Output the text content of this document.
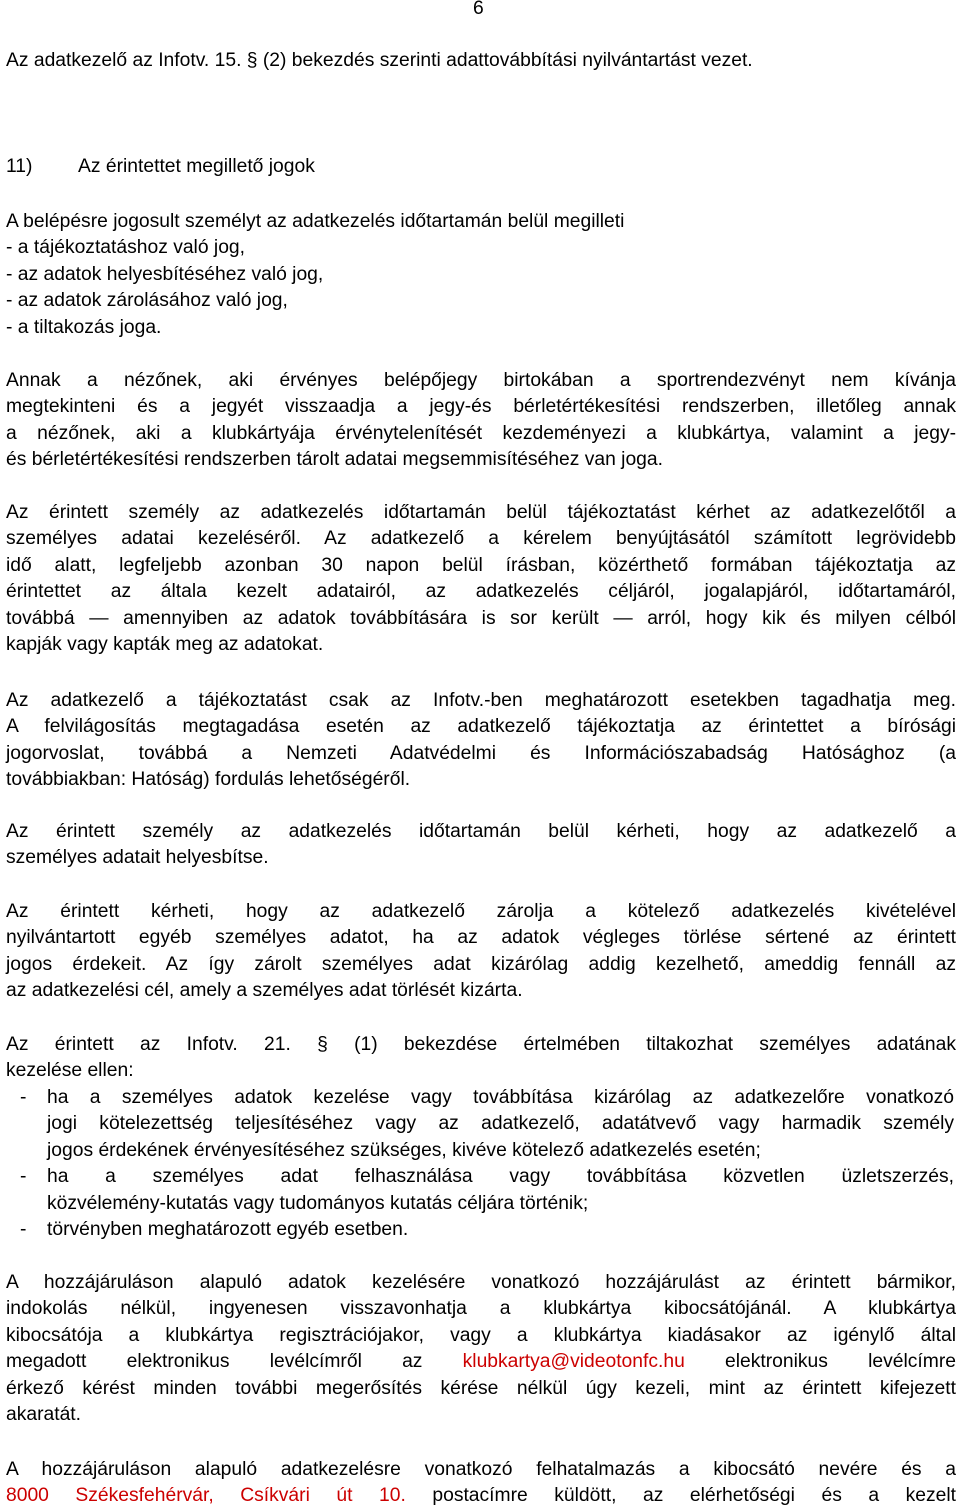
6

Az adatkezelő az Infotv. 15. § (2) bekezdés szerinti adattovábbítási nyilvántartást vezet.

11) Az érintettet megillető jogok
A belépésre jogosult személyt az adatkezelés időtartamán belül megilleti
- a tájékoztatáshoz való jog,
- az adatok helyesbítéséhez való jog,
- az adatok zárolásához való jog,
- a tiltakozás joga.
Annak a nézőnek, aki érvényes belépőjegy birtokában a sportrendezvényt nem kívánja
megtekinteni és a jegyét visszaadja a jegy-és bérletértékesítési rendszerben, illetőleg annak
a nézőnek, aki a klubkártyája érvénytelenítését kezdeményezi a klubkártya, valamint a jegy-
és bérletértékesítési rendszerben tárolt adatai megsemmisítéséhez van joga.
Az érintett személy az adatkezelés időtartamán belül tájékoztatást kérhet az adatkezelőtől a
személyes adatai kezeléséről. Az adatkezelő a kérelem benyújtásától számított legrövidebb
idő alatt, legfeljebb azonban 30 napon belül írásban, közérthető formában tájékoztatja az
érintettet az általa kezelt adatairól, az adatkezelés céljáról, jogalapjáról, időtartamáról,
továbbá — amennyiben az adatok továbbítására is sor került — arról, hogy kik és milyen célból
kapják vagy kapták meg az adatokat.
Az adatkezelő a tájékoztatást csak az Infotv.-ben meghatározott esetekben tagadhatja meg.
A felvilágosítás megtagadása esetén az adatkezelő tájékoztatja az érintettet a bírósági
jogorvoslat, továbbá a Nemzeti Adatvédelmi és Információszabadság Hatósághoz (a
továbbiakban: Hatóság) fordulás lehetőségéről.
Az érintett személy az adatkezelés időtartamán belül kérheti, hogy az adatkezelő a
személyes adatait helyesbítse.
Az érintett kérheti, hogy az adatkezelő zárolja a kötelező adatkezelés kivételével
nyilvántartott egyéb személyes adatot, ha az adatok végleges törlése sértené az érintett
jogos érdekeit. Az így zárolt személyes adat kizárólag addig kezelhető, ameddig fennáll az
az adatkezelési cél, amely a személyes adat törlését kizárta.
Az érintett az Infotv. 21. § (1) bekezdése értelmében tiltakozhat személyes adatának
kezelése ellen:
-	ha a személyes adatok kezelése vagy továbbítása kizárólag az adatkezelőre vonatkozó
jogi kötelezettség teljesítéséhez vagy az adatkezelő, adatátvevő vagy harmadik személy
jogos érdekének érvényesítéséhez szükséges, kivéve kötelező adatkezelés esetén;
-	ha a személyes adat felhasználása vagy továbbítása közvetlen üzletszerzés,
közvélemény-kutatás vagy tudományos kutatás céljára történik;
-	törvényben meghatározott egyéb esetben.
A hozzájáruláson alapuló adatok kezelésére vonatkozó hozzájárulást az érintett bármikor,
indokolás nélkül, ingyenesen visszavonhatja a klubkártya kibocsátójánál. A klubkártya
kibocsátója a klubkártya regisztrációjakor, vagy a klubkártya kiadásakor az igénylő által
megadott elektronikus levélcímről az klubkartya@videotonfc.hu elektronikus levélcímre
érkező kérést minden további megerősítés kérése nélkül úgy kezeli, mint az érintett kifejezett
akaratát.
A hozzájáruláson alapuló adatkezelésre vonatkozó felhatalmazás a kibocsátó nevére és a
8000 Székesfehérvár, Csíkvári út 10. postacímre küldött, az elérhetőségi és a kezelt
